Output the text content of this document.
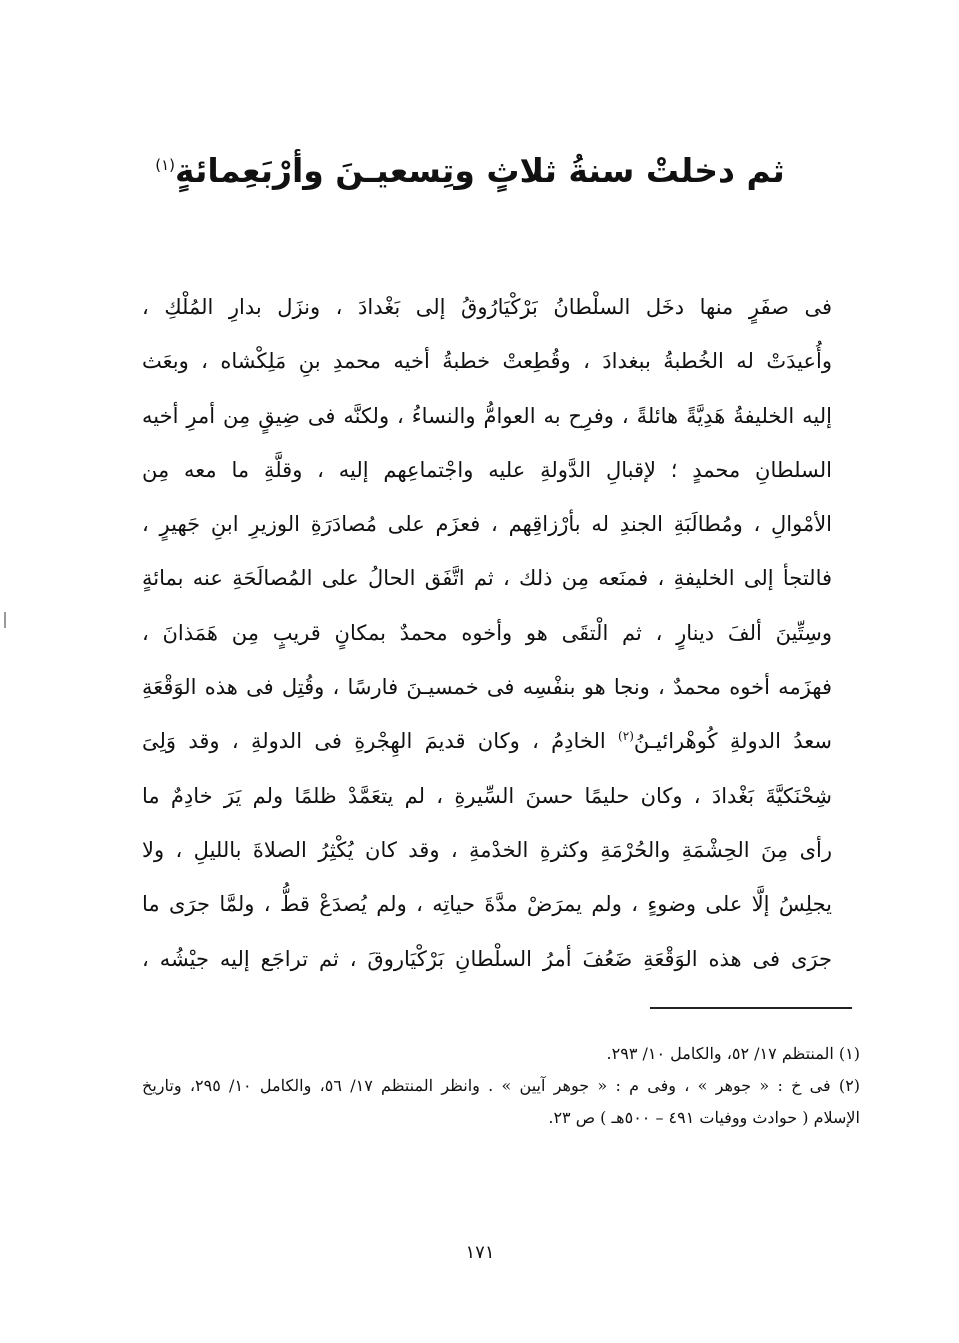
ثم دخلتْ سنةُ ثلاثٍ وتِسعيـنَ وأرْبَعِمائةٍ$^{(١)}$
فى صفَرٍ منها دخَل السلْطانُ بَرْكْيَارُوقُ إلى بَغْدادَ ، ونزَل بدارِ المُلْكِ ،
وأُعيدَتْ له الخُطبةُ ببغدادَ ، وقُطِعتْ خطبةُ أخيه محمدِ بنِ مَلِكْشاه ، وبعَث
إليه الخليفةُ هَدِيَّةً هائلةً ، وفرِح به العوامُّ والنساءُ ، ولكنَّه فى ضِيقٍ مِن أمرِ أخيه
السلطانِ محمدٍ ؛ لإقبالِ الدَّولةِ عليه واجْتماعِهم إليه ، وقلَّةِ ما معه مِن
الأمْوالِ ، ومُطالَبَةِ الجندِ له بأرْزاقِهم ، فعزَم على مُصادَرَةِ الوزيرِ ابنِ جَهيرٍ ،
فالتجأ إلى الخليفةِ ، فمنَعه مِن ذلك ، ثم اتَّفَق الحالُ على المُصالَحَةِ عنه بمائةٍ
وسِتِّينَ ألفَ دينارٍ ، ثم الْتقَى هو وأخوه محمدٌ بمكانٍ قريبٍ مِن هَمَذانَ ،
فهزَمه أخوه محمدٌ ، ونجا هو بنفْسِه فى خمسيـنَ فارسًا ، وقُتِل فى هذه الوَقْعَةِ
سعدُ الدولةِ كُوهْرائيـنُ$^{(٢)}$ الخادِمُ ، وكان قديمَ الهِجْرةِ فى الدولةِ ، وقد وَلِىَ
شِحْنَكيَّةَ بَغْدادَ ، وكان حليمًا حسنَ السِّيرةِ ، لم يتعَمَّدْ ظلمًا ولم يَرَ خادِمٌ ما
رأى مِنَ الحِشْمَةِ والحُرْمَةِ وكثرةِ الخدْمةِ ، وقد كان يُكْثِرُ الصلاةَ بالليلِ ، ولا
يجلِسُ إلَّا على وضوءٍ ، ولم يمرَضْ مدَّةَ حياتِه ، ولم يُصدَعْ قطُّ ، ولمَّا جرَى ما
جرَى فى هذه الوَقْعَةِ ضَعُفَ أمرُ السلْطانِ بَرْكْيَاروقَ ، ثم تراجَع إليه جيْشُه ،
(١) المنتظم ١٧/ ٥٢، والكامل ١٠/ ٢٩٣.
(٢) فى خ : « جوهر » ، وفى م : « جوهر آيين » . وانظر المنتظم ١٧/ ٥٦، والكامل ١٠/ ٢٩٥، وتاريخ
الإسلام ( حوادث ووفيات ٤٩١ – ٥٠٠هـ ) ص ٢٣.
١٧١
